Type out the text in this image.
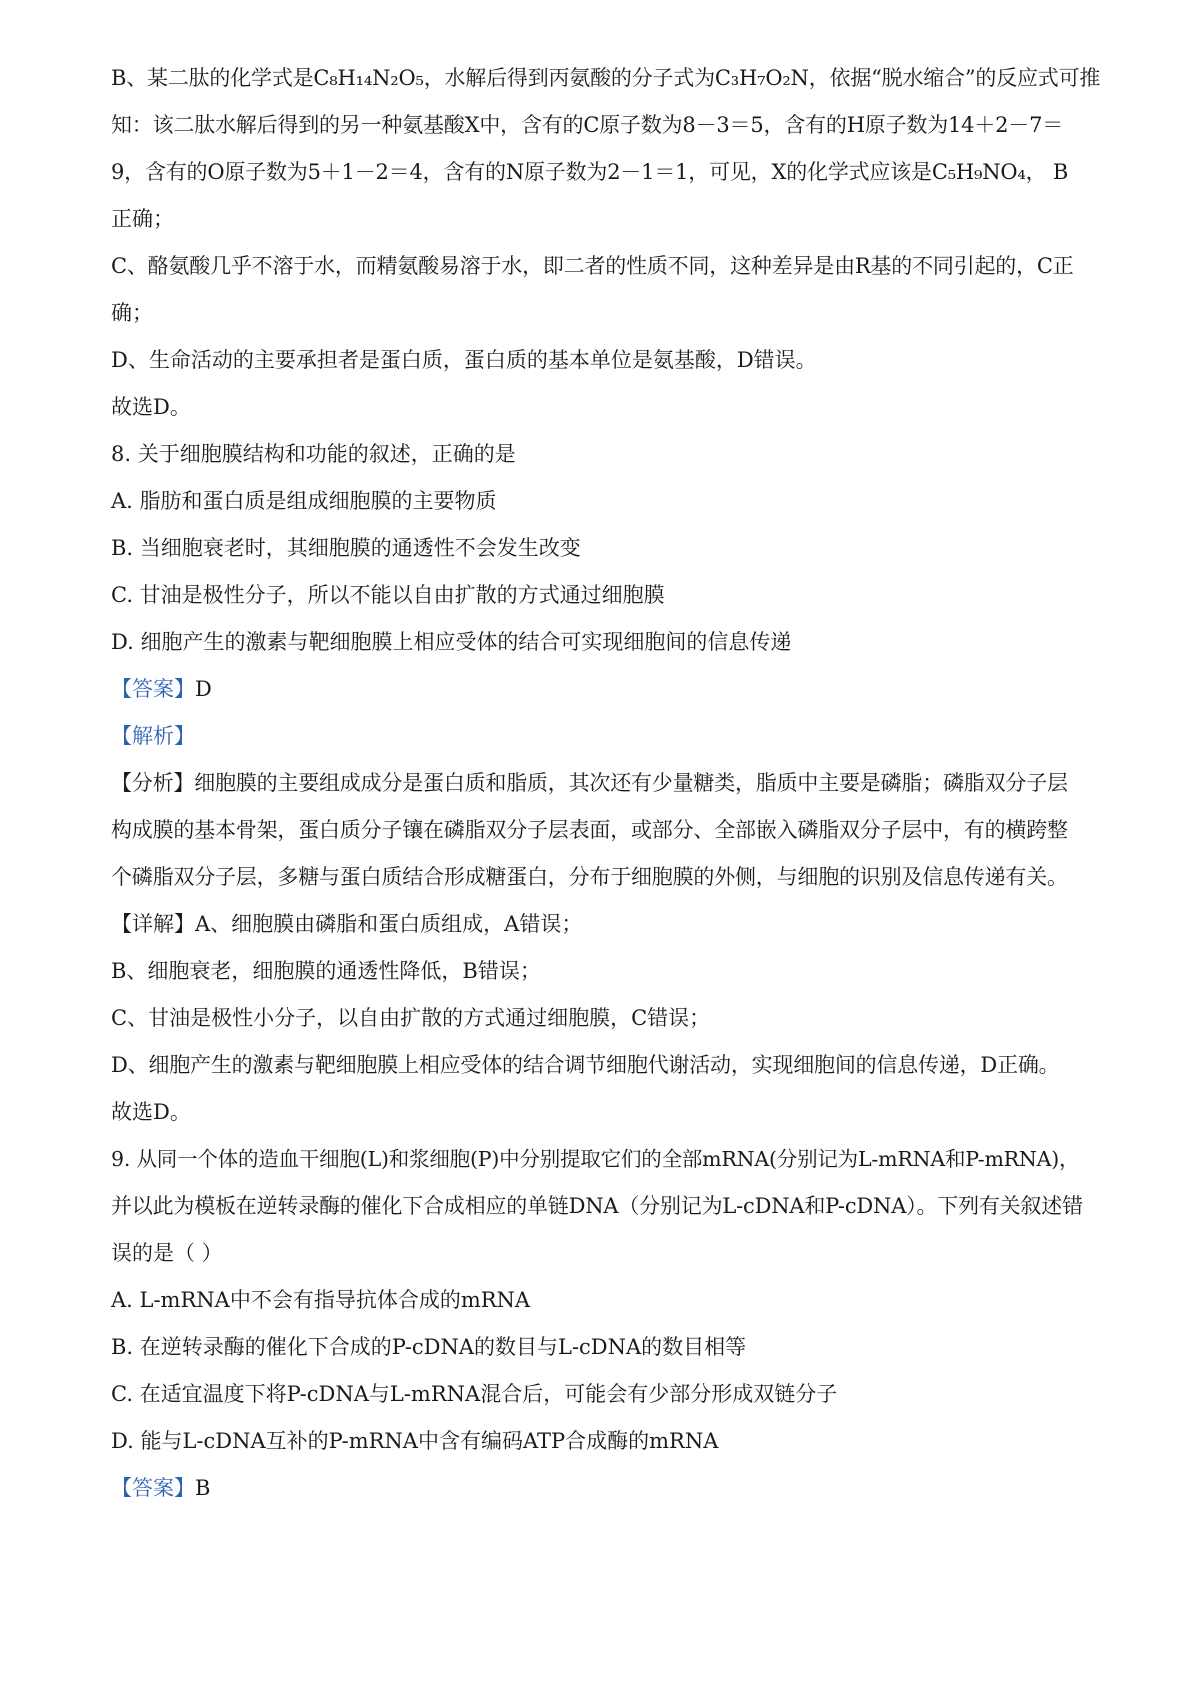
B、某二肽的化学式是C₈H₁₄N₂O₅，水解后得到丙氨酸的分子式为C₃H₇O₂N，依据“脱水缩合”的反应式可推
知：该二肽水解后得到的另一种氨基酸X中，含有的C原子数为8－3＝5，含有的H原子数为14＋2－7＝
9，含有的O原子数为5＋1－2＝4，含有的N原子数为2－1＝1，可见，X的化学式应该是C₅H₉NO₄， B
正确；
C、酪氨酸几乎不溶于水，而精氨酸易溶于水，即二者的性质不同，这种差异是由R基的不同引起的，C正
确；
D、生命活动的主要承担者是蛋白质，蛋白质的基本单位是氨基酸，D错误。
故选D。
8. 关于细胞膜结构和功能的叙述，正确的是
A. 脂肪和蛋白质是组成细胞膜的主要物质
B. 当细胞衰老时，其细胞膜的通透性不会发生改变
C. 甘油是极性分子，所以不能以自由扩散的方式通过细胞膜
D. 细胞产生的激素与靶细胞膜上相应受体的结合可实现细胞间的信息传递
【答案】D
【解析】
【分析】细胞膜的主要组成成分是蛋白质和脂质，其次还有少量糖类，脂质中主要是磷脂；磷脂双分子层
构成膜的基本骨架，蛋白质分子镶在磷脂双分子层表面，或部分、全部嵌入磷脂双分子层中，有的横跨整
个磷脂双分子层，多糖与蛋白质结合形成糖蛋白，分布于细胞膜的外侧，与细胞的识别及信息传递有关。
【详解】A、细胞膜由磷脂和蛋白质组成，A错误；
B、细胞衰老，细胞膜的通透性降低，B错误；
C、甘油是极性小分子，以自由扩散的方式通过细胞膜，C错误；
D、细胞产生的激素与靶细胞膜上相应受体的结合调节细胞代谢活动，实现细胞间的信息传递，D正确。
故选D。
9. 从同一个体的造血干细胞(L)和浆细胞(P)中分别提取它们的全部mRNA(分别记为L-mRNA和P-mRNA)，
并以此为模板在逆转录酶的催化下合成相应的单链DNA（分别记为L-cDNA和P-cDNA）。下列有关叙述错
误的是（ ）
A. L-mRNA中不会有指导抗体合成的mRNA
B. 在逆转录酶的催化下合成的P-cDNA的数目与L-cDNA的数目相等
C. 在适宜温度下将P-cDNA与L-mRNA混合后，可能会有少部分形成双链分子
D. 能与L-cDNA互补的P-mRNA中含有编码ATP合成酶的mRNA
【答案】B
